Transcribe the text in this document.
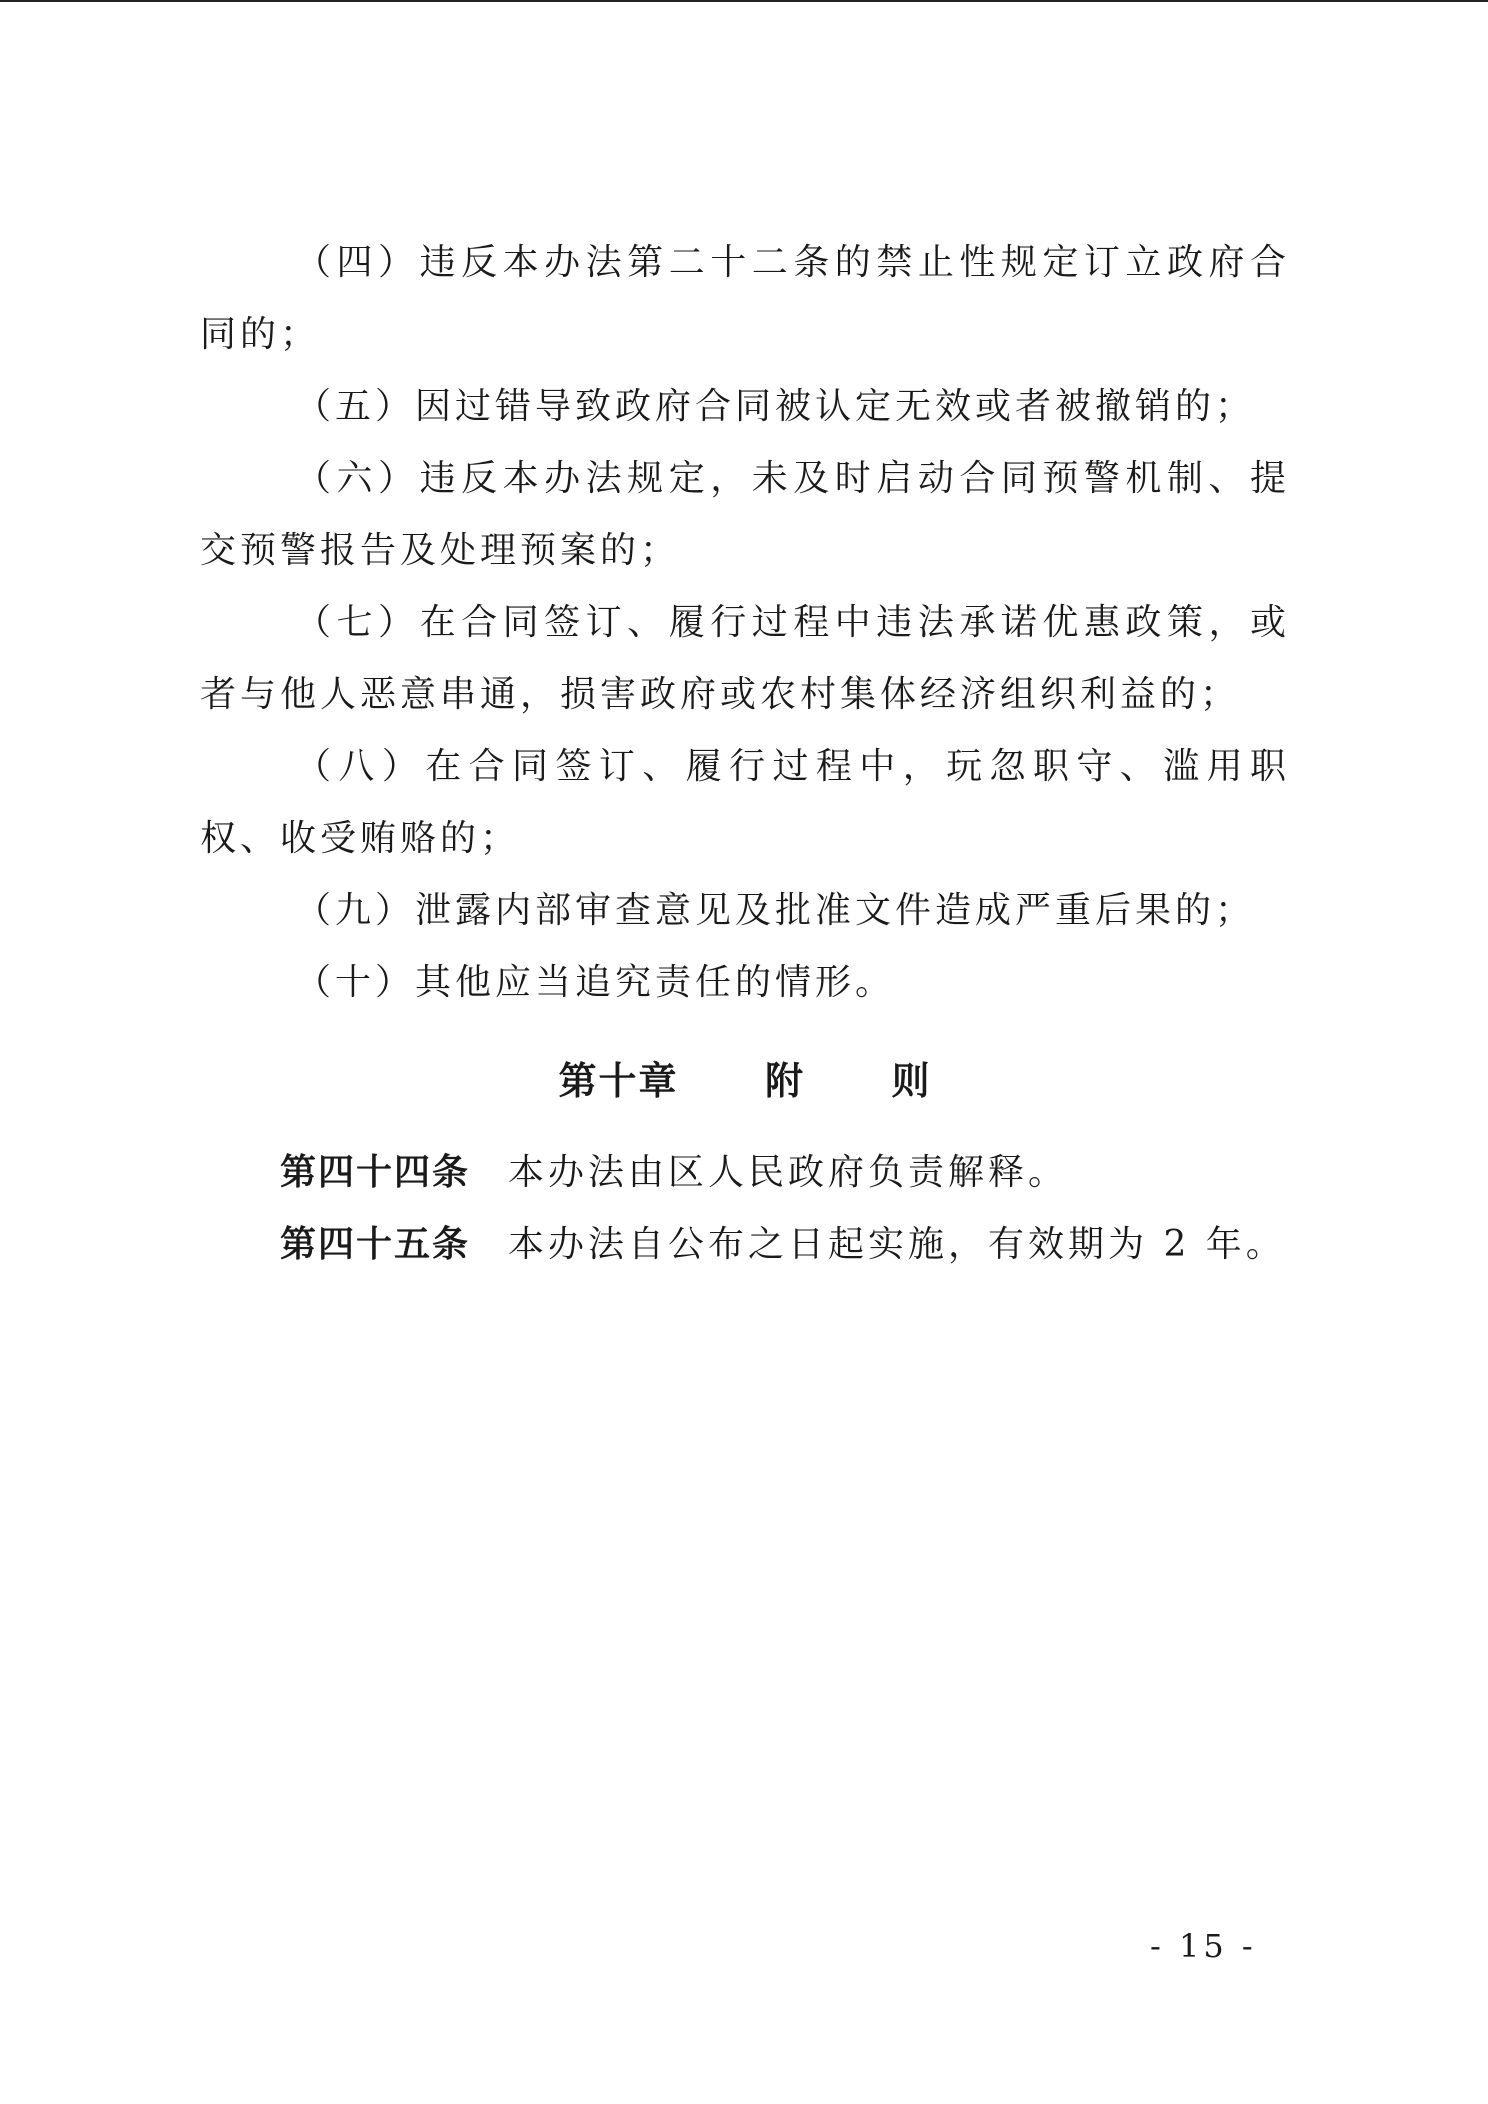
（四）违反本办法第二十二条的禁止性规定订立政府合同的；

（五）因过错导致政府合同被认定无效或者被撤销的；

（六）违反本办法规定，未及时启动合同预警机制、提交预警报告及处理预案的；

（七）在合同签订、履行过程中违法承诺优惠政策，或者与他人恶意串通，损害政府或农村集体经济组织利益的；

（八）在合同签订、履行过程中，玩忽职守、滥用职权、收受贿赂的；

（九）泄露内部审查意见及批准文件造成严重后果的；

（十）其他应当追究责任的情形。

第十章  附  则

第四十四条 本办法由区人民政府负责解释。

第四十五条 本办法自公布之日起实施，有效期为 2 年。

- 15 -
